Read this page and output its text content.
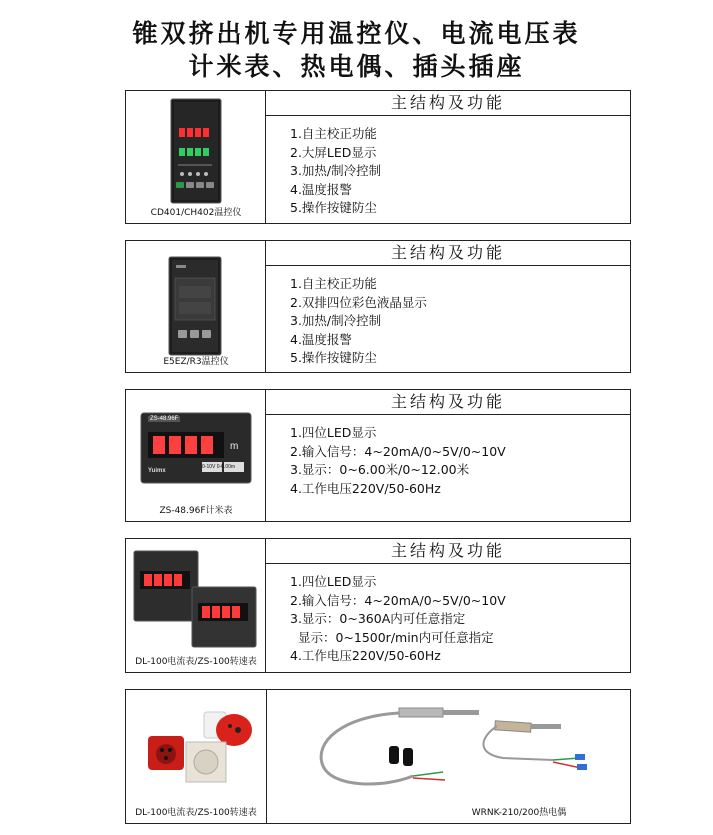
锥双挤出机专用温控仪、电流电压表
计米表、热电偶、插头插座
CD401/CH402温控仪
主结构及功能
1.自主校正功能
2.大屏LED显示
3.加热/制冷控制
4.温度报警
5.操作按键防尘
E5EZ/R3温控仪
主结构及功能
1.自主校正功能
2.双排四位彩色液晶显示
3.加热/制冷控制
4.温度报警
5.操作按键防尘
ZS-48.96F
m
0-10V 0-6.00m
Yuimx
ZS-48.96F计米表
主结构及功能
1.四位LED显示
2.输入信号：4~20mA/0~5V/0~10V
3.显示：0~6.00米/0~12.00米
4.工作电压220V/50-60Hz
DL-100电流表/ZS-100转速表
主结构及功能
1.四位LED显示
2.输入信号：4~20mA/0~5V/0~10V
3.显示：0~360A内可任意指定
显示：0~1500r/min内可任意指定
4.工作电压220V/50-60Hz
DL-100电流表/ZS-100转速表	WRNK-210/200热电偶
